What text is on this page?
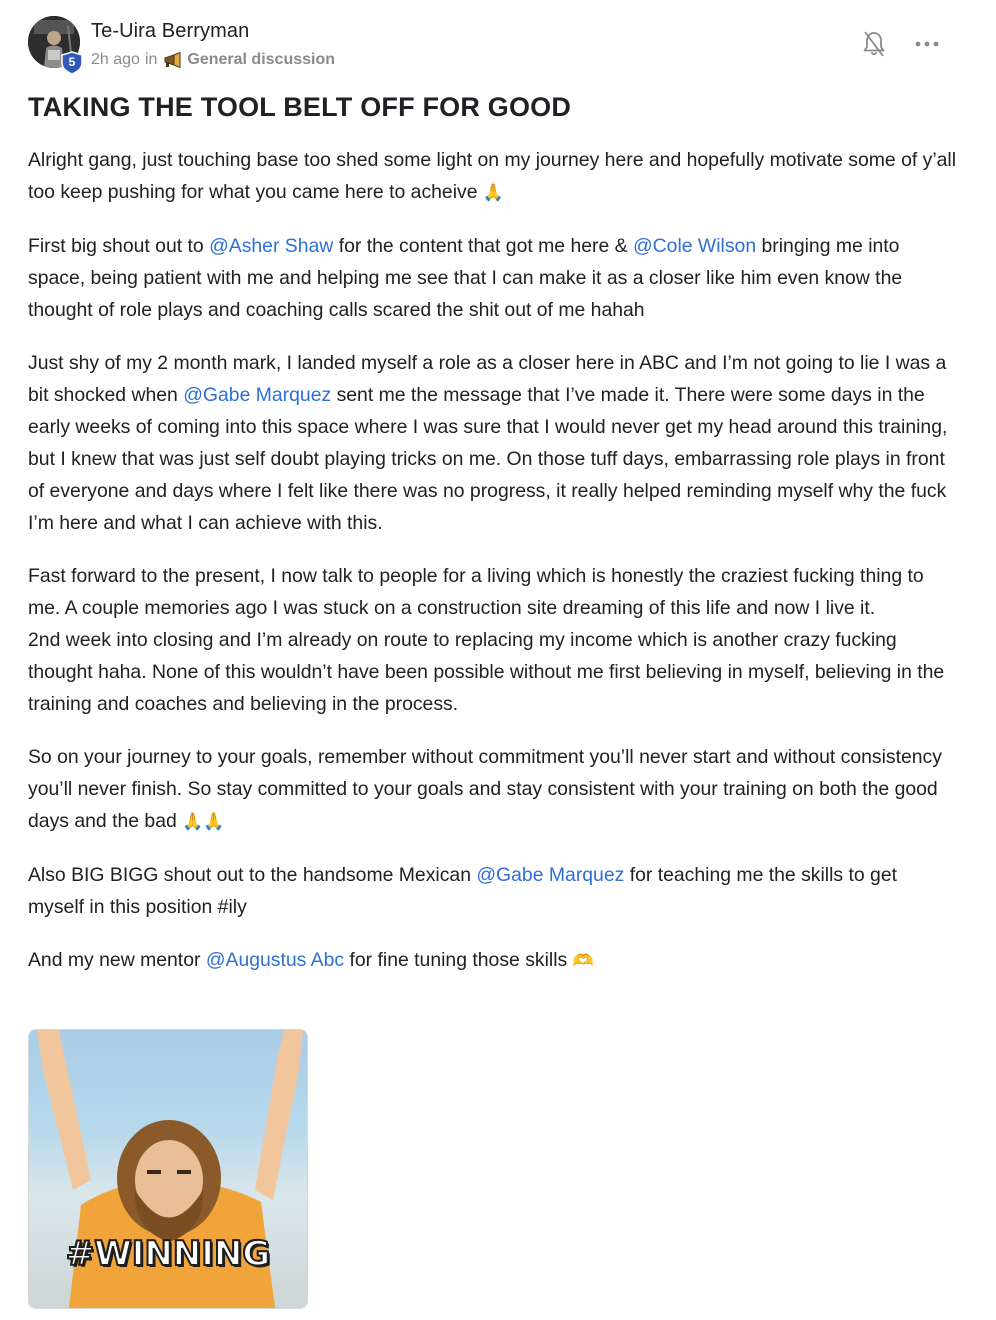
5
Te-Uira Berryman
2h ago in General discussion
TAKING THE TOOL BELT OFF FOR GOOD

Alright gang, just touching base too shed some light on my journey here and hopefully motivate some of y’all too keep pushing for what you came here to acheive 🙏

First big shout out to @Asher Shaw for the content that got me here & @Cole Wilson bringing me into space, being patient with me and helping me see that I can make it as a closer like him even know the thought of role plays and coaching calls scared the shit out of me hahah

Just shy of my 2 month mark, I landed myself a role as a closer here in ABC and I’m not going to lie I was a bit shocked when @Gabe Marquez sent me the message that I’ve made it. There were some days in the early weeks of coming into this space where I was sure that I would never get my head around this training, but I knew that was just self doubt playing tricks on me. On those tuff days, embarrassing role plays in front of everyone and days where I felt like there was no progress, it really helped reminding myself why the fuck I’m here and what I can achieve with this.

Fast forward to the present, I now talk to people for a living which is honestly the craziest fucking thing to me. A couple memories ago I was stuck on a construction site dreaming of this life and now I live it.
2nd week into closing and I’m already on route to replacing my income which is another crazy fucking thought haha. None of this wouldn’t have been possible without me first believing in myself, believing in the training and coaches and believing in the process.

So on your journey to your goals, remember without commitment you’ll never start and without consistency you’ll never finish. So stay committed to your goals and stay consistent with your training on both the good days and the bad 🙏🙏

Also BIG BIGG shout out to the handsome Mexican @Gabe Marquez for teaching me the skills to get myself in this position #ily

And my new mentor @Augustus Abc for fine tuning those skills 🫶

#WINNING
